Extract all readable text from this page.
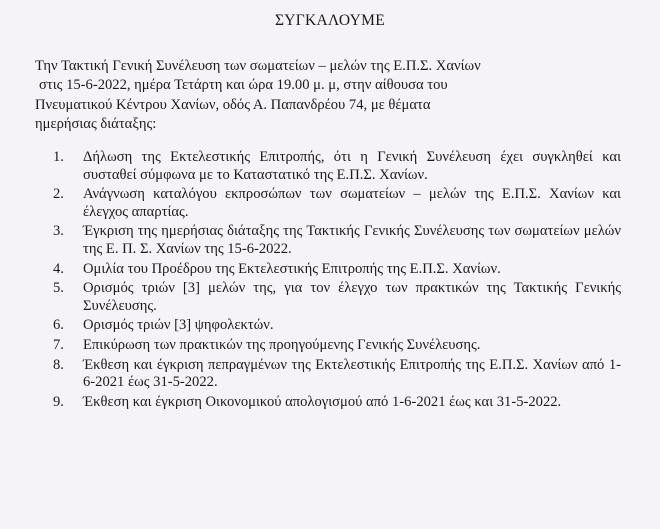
ΣΥΓΚΑΛΟΥΜΕ

Την Τακτική Γενική Συνέλευση των σωματείων – μελών της Ε.Π.Σ. Χανίων

στις 15-6-2022, ημέρα Τετάρτη και ώρα 19.00 μ. μ, στην αίθουσα του

Πνευματικού Κέντρου Χανίων, οδός Α. Παπανδρέου 74, με θέματα

ημερήσιας διάταξης:

1.	Δήλωση της Εκτελεστικής Επιτροπής, ότι η Γενική Συνέλευση έχει συγκληθεί και συσταθεί σύμφωνα με το Καταστατικό της Ε.Π.Σ. Χανίων.
2.	Ανάγνωση καταλόγου εκπροσώπων των σωματείων – μελών της Ε.Π.Σ. Χανίων και έλεγχος απαρτίας.
3.	Έγκριση της ημερήσιας διάταξης της Τακτικής Γενικής Συνέλευσης των σωματείων μελών της Ε. Π. Σ. Χανίων της 15-6-2022.
4.	Ομιλία του Προέδρου της Εκτελεστικής Επιτροπής της Ε.Π.Σ. Χανίων.
5.	Ορισμός τριών [3] μελών της, για τον έλεγχο των πρακτικών της Τακτικής Γενικής Συνέλευσης.
6.	Ορισμός τριών [3] ψηφολεκτών.
7.	Επικύρωση των πρακτικών της προηγούμενης Γενικής Συνέλευσης.
8.	Έκθεση και έγκριση πεπραγμένων της Εκτελεστικής Επιτροπής της Ε.Π.Σ. Χανίων από 1-6-2021 έως 31-5-2022.
9.	Έκθεση και έγκριση Οικονομικού απολογισμού από 1-6-2021 έως και 31-5-2022.
